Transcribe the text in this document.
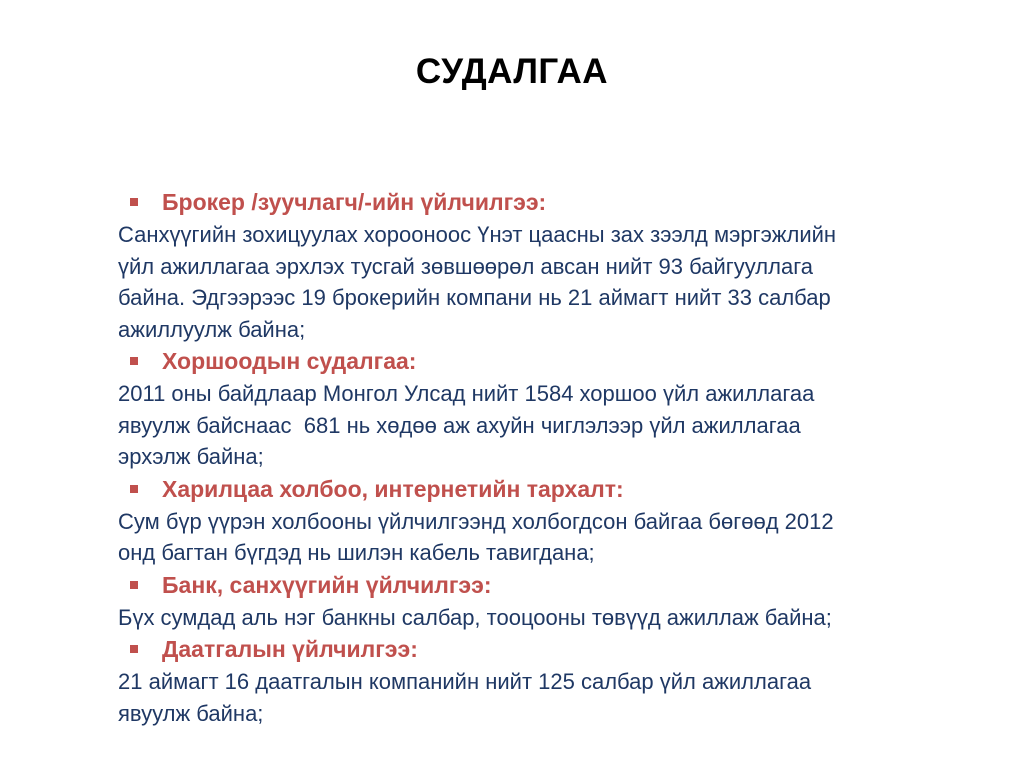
СУДАЛГАА
Брокер /зуучлагч/-ийн үйлчилгээ:

Санхүүгийн зохицуулах хорооноос Үнэт цаасны зах зээлд мэргэжлийн
үйл ажиллагаа эрхлэх тусгай зөвшөөрөл авсан нийт 93 байгууллага
байна. Эдгээрээс 19 брокерийн компани нь 21 аймагт нийт 33 салбар
ажиллуулж байна;

Хоршоодын судалгаа:

2011 оны байдлаар Монгол Улсад нийт 1584 хоршоо үйл ажиллагаа
явуулж байснаас  681 нь хөдөө аж ахуйн чиглэлээр үйл ажиллагаа
эрхэлж байна;

Харилцаа холбоо, интернетийн тархалт:

Сум бүр үүрэн холбооны үйлчилгээнд холбогдсон байгаа бөгөөд 2012
онд багтан бүгдэд нь шилэн кабель тавигдана;

Банк, санхүүгийн үйлчилгээ:

Бүх сумдад аль нэг банкны салбар, тооцооны төвүүд ажиллаж байна;

Даатгалын үйлчилгээ:

21 аймагт 16 даатгалын компанийн нийт 125 салбар үйл ажиллагаа
явуулж байна;
